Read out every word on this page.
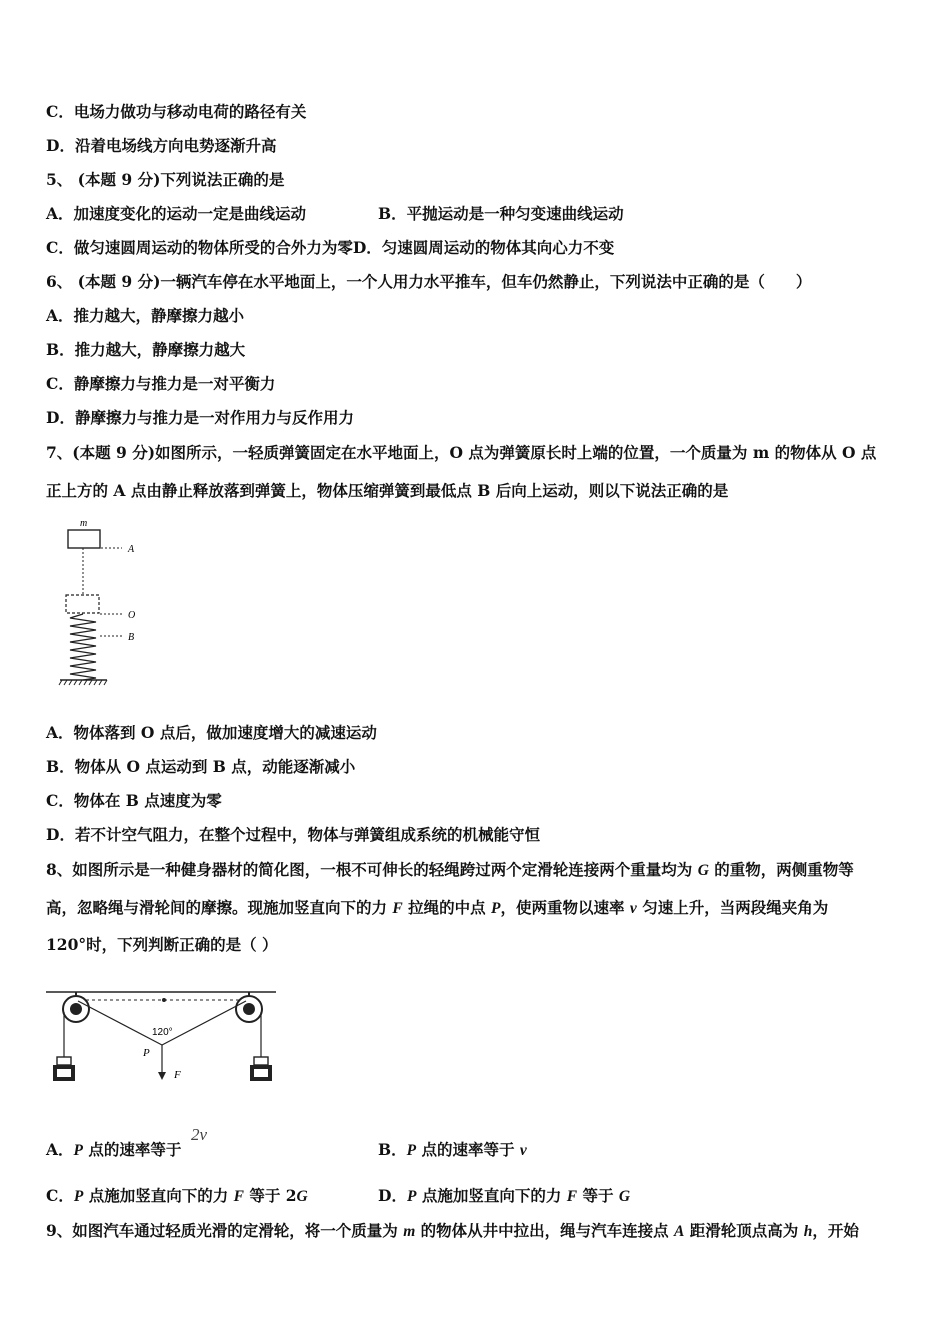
C．电场力做功与移动电荷的路径有关
D．沿着电场线方向电势逐渐升高
5、 (本题 9 分)下列说法正确的是
A．加速度变化的运动一定是曲线运动	B．平抛运动是一种匀变速曲线运动
C．做匀速圆周运动的物体所受的合外力为零D．匀速圆周运动的物体其向心力不变
6、 (本题 9 分)一辆汽车停在水平地面上，一个人用力水平推车，但车仍然静止，下列说法中正确的是（　　）
A．推力越大，静摩擦力越小
B．推力越大，静摩擦力越大
C．静摩擦力与推力是一对平衡力
D．静摩擦力与推力是一对作用力与反作用力
7、(本题 9 分)如图所示，一轻质弹簧固定在水平地面上，O 点为弹簧原长时上端的位置，一个质量为 m 的物体从 O 点
正上方的 A 点由静止释放落到弹簧上，物体压缩弹簧到最低点 B 后向上运动，则以下说法正确的是
m
A
O
B
A．物体落到 O 点后，做加速度增大的减速运动
B．物体从 O 点运动到 B 点，动能逐渐减小
C．物体在 B 点速度为零
D．若不计空气阻力，在整个过程中，物体与弹簧组成系统的机械能守恒
8、如图所示是一种健身器材的简化图，一根不可伸长的轻绳跨过两个定滑轮连接两个重量均为 G 的重物，两侧重物等
高，忽略绳与滑轮间的摩擦。现施加竖直向下的力 F 拉绳的中点 P，使两重物以速率 v 匀速上升，当两段绳夹角为
120°时，下列判断正确的是（ ）
120°
P
F
A．P 点的速率等于
2v
B．P 点的速率等于 v
C．P 点施加竖直向下的力 F 等于 2G	D．P 点施加竖直向下的力 F 等于 G
9、如图汽车通过轻质光滑的定滑轮，将一个质量为 m 的物体从井中拉出，绳与汽车连接点 A 距滑轮顶点高为 h，开始
